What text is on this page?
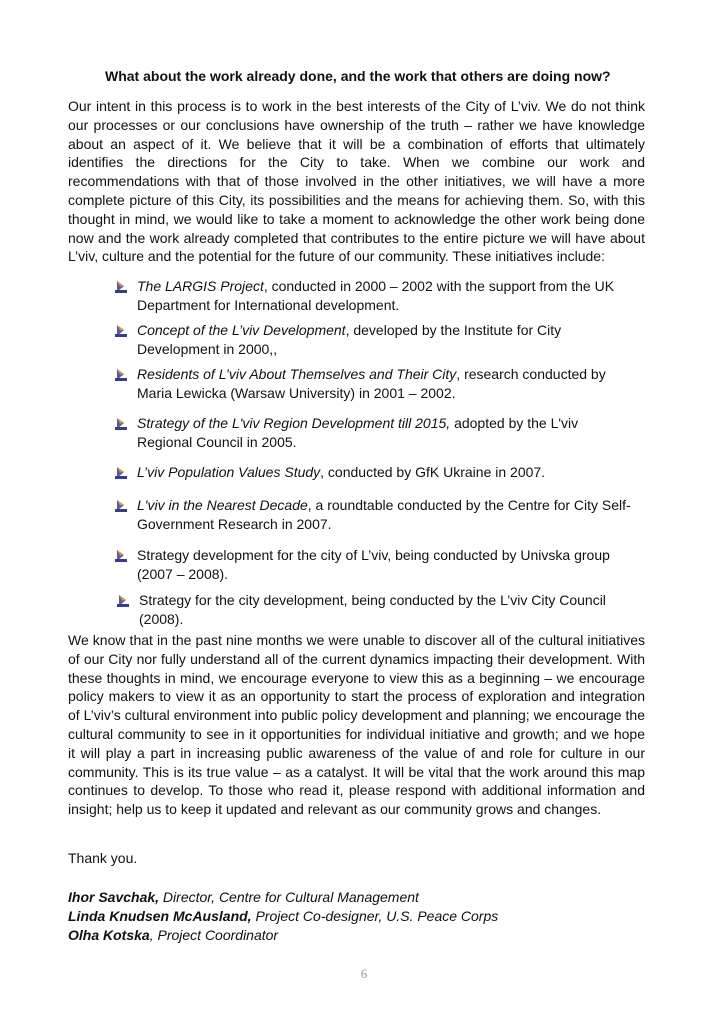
What about the work already done, and the work that others are doing now?

Our intent in this process is to work in the best interests of the City of L’viv. We do not think our processes or our conclusions have ownership of the truth – rather we have knowledge about an aspect of it. We believe that it will be a combination of efforts that ultimately identifies the directions for the City to take. When we combine our work and recommendations with that of those involved in the other initiatives, we will have a more complete picture of this City, its possibilities and the means for achieving them. So, with this thought in mind, we would like to take a moment to acknowledge the other work being done now and the work already completed that contributes to the entire picture we will have about L’viv, culture and the potential for the future of our community. These initiatives include:

The LARGIS Project, conducted in 2000 – 2002 with the support from the UK Department for International development.
Concept of the L’viv Development, developed by the Institute for City Development in 2000,,
Residents of L’viv About Themselves and Their City, research conducted by Maria Lewicka (Warsaw University) in 2001 – 2002.
Strategy of the L'viv Region Development till 2015, adopted by the L'viv Regional Council in 2005.
L’viv Population Values Study, conducted by GfK Ukraine in 2007.
L'viv in the Nearest Decade, a roundtable conducted by the Centre for City Self-Government Research in 2007.
Strategy development for the city of L’viv, being conducted by Univska group (2007 – 2008).
Strategy for the city development, being conducted by the L’viv City Council (2008).

We know that in the past nine months we were unable to discover all of the cultural initiatives of our City nor fully understand all of the current dynamics impacting their development. With these thoughts in mind, we encourage everyone to view this as a beginning – we encourage policy makers to view it as an opportunity to start the process of exploration and integration of L’viv’s cultural environment into public policy development and planning; we encourage the cultural community to see in it opportunities for individual initiative and growth; and we hope it will play a part in increasing public awareness of the value of and role for culture in our community. This is its true value – as a catalyst. It will be vital that the work around this map continues to develop. To those who read it, please respond with additional information and insight; help us to keep it updated and relevant as our community grows and changes.

Thank you.

Ihor Savchak, Director, Centre for Cultural Management
Linda Knudsen McAusland, Project Co-designer, U.S. Peace Corps
Olha Kotska, Project Coordinator
6
